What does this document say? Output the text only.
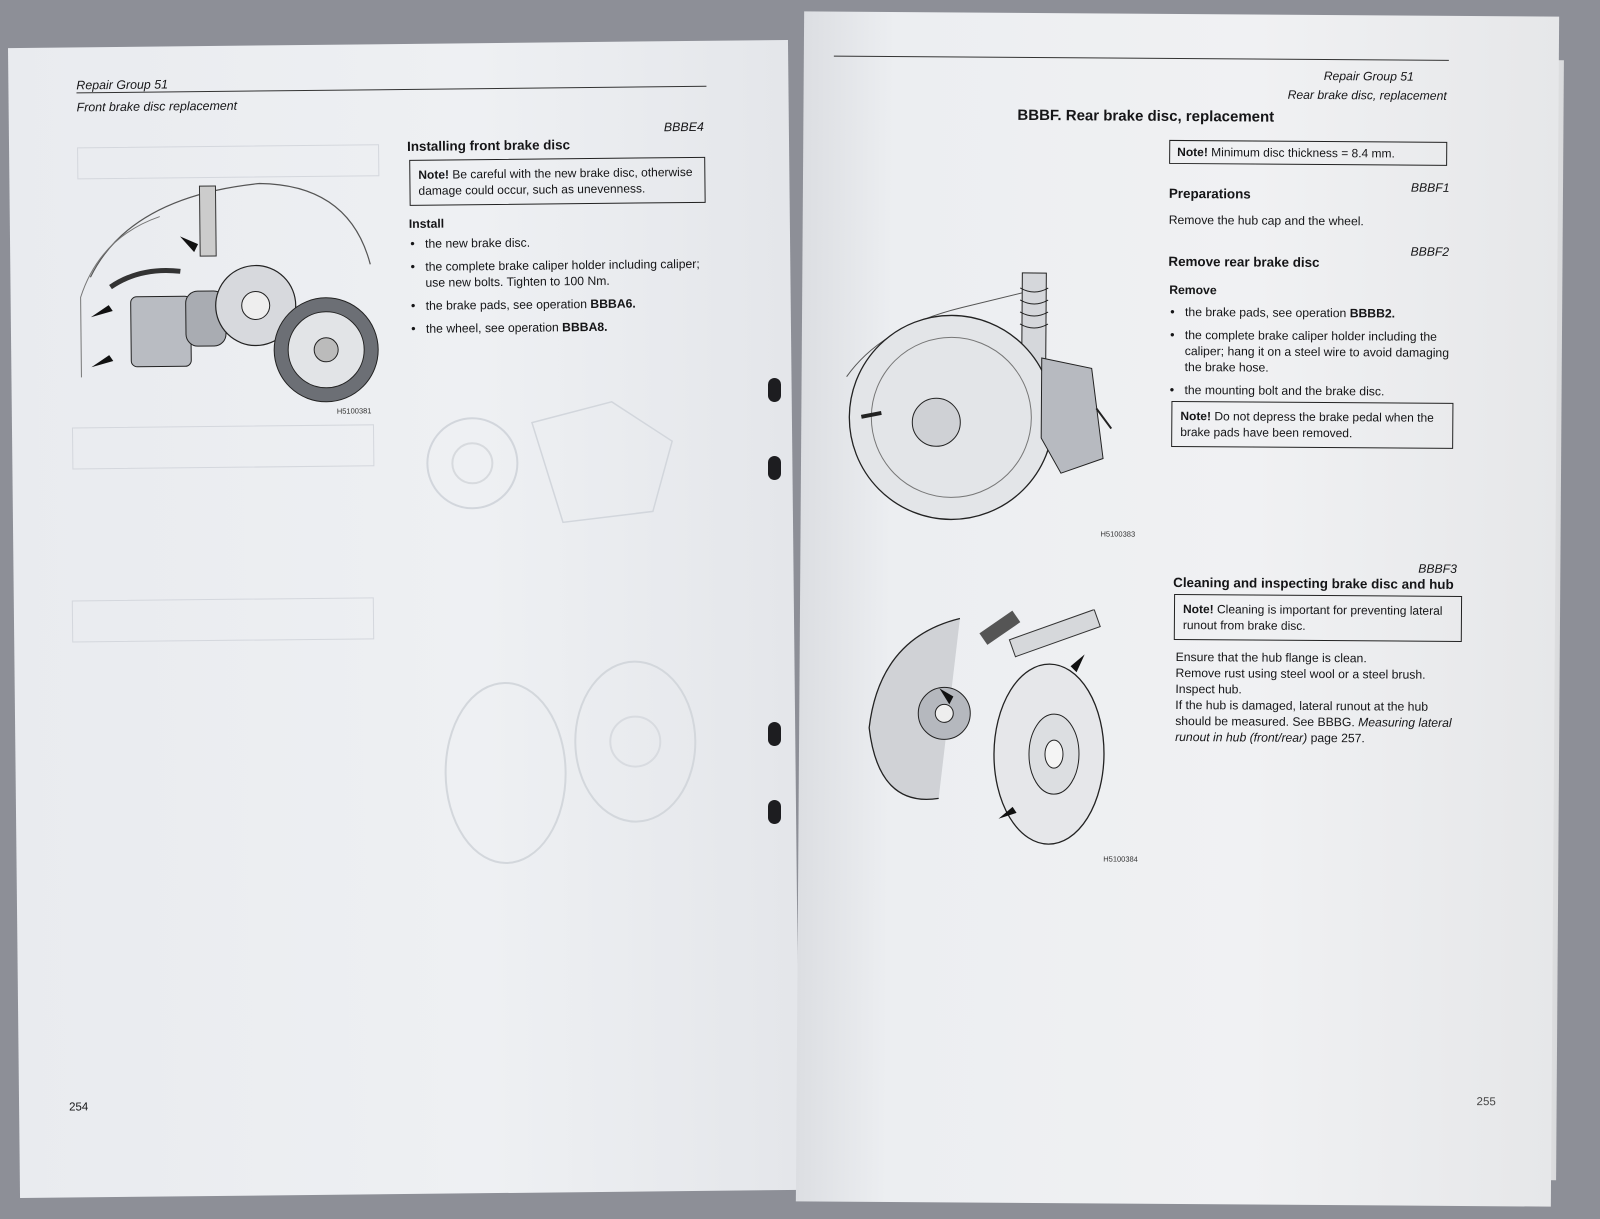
Repair Group 51
Front brake disc replacement
BBBE4
Installing front brake disc
Note! Be careful with the new brake disc, otherwise damage could occur, such as unevenness.
Install
● the new brake disc.
● the complete brake caliper holder including caliper; use new bolts. Tighten to 100 Nm.
● the brake pads, see operation BBBA6.
● the wheel, see operation BBBA8.
H5100381
254
Repair Group 51
Rear brake disc, replacement
BBBF. Rear brake disc, replacement
Note! Minimum disc thickness = 8.4 mm.
BBBF1
Preparations
Remove the hub cap and the wheel.
BBBF2
Remove rear brake disc
Remove
● the brake pads, see operation BBBB2.
● the complete brake caliper holder including the caliper; hang it on a steel wire to avoid damaging the brake hose.
● the mounting bolt and the brake disc.
Note! Do not depress the brake pedal when the brake pads have been removed.
H5100383
BBBF3
Cleaning and inspecting brake disc and hub
Note! Cleaning is important for preventing lateral runout from brake disc.
Ensure that the hub flange is clean.
Remove rust using steel wool or a steel brush.
Inspect hub.
If the hub is damaged, lateral runout at the hub should be measured. See BBBG. Measuring lateral runout in hub (front/rear) page 257.
H5100384
255
